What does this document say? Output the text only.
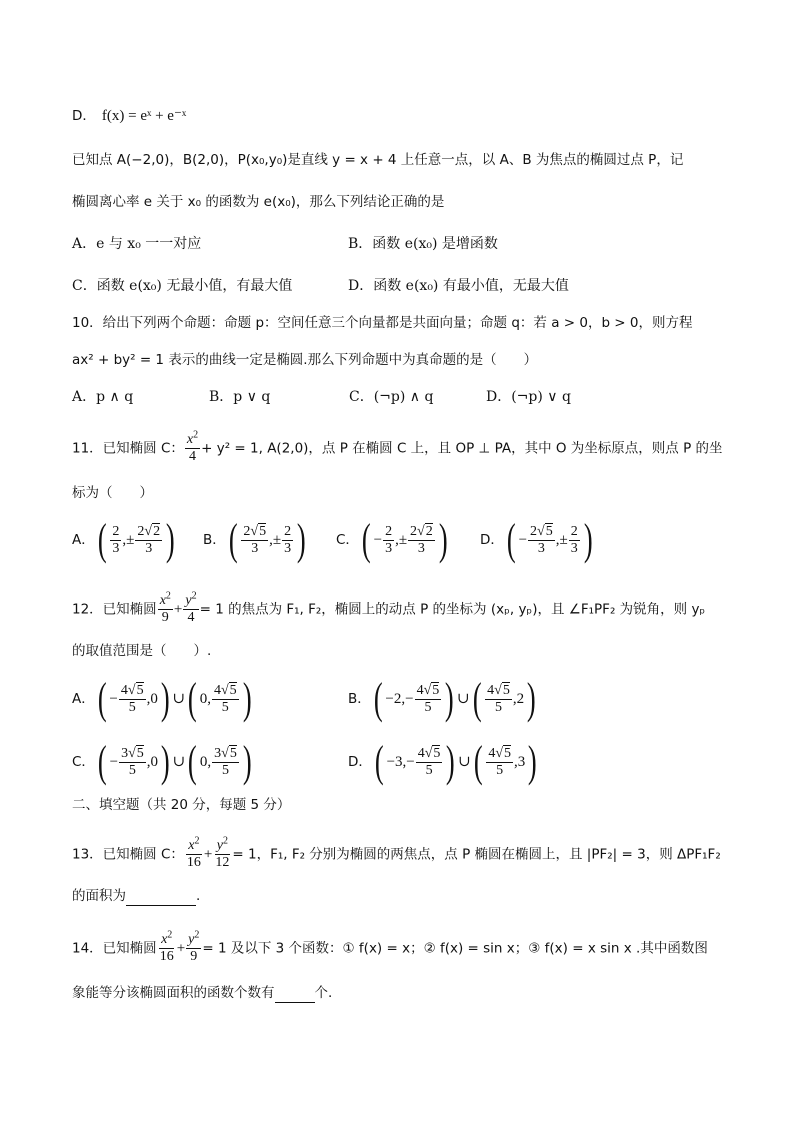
D． f(x) = eˣ + e⁻ˣ
已知点 A(−2,0)，B(2,0)，P(x₀,y₀)是直线 y = x + 4 上任意一点，以 A、B 为焦点的椭圆过点 P，记
椭圆离心率 e 关于 x₀ 的函数为 e(x₀)，那么下列结论正确的是
A．e 与 x₀ 一一对应	B．函数 e(x₀) 是增函数
C．函数 e(x₀) 无最小值，有最大值	D．函数 e(x₀) 有最小值，无最大值
10．给出下列两个命题：命题 p：空间任意三个向量都是共面向量；命题 q：若 a > 0，b > 0，则方程
ax² + by² = 1 表示的曲线一定是椭圆.那么下列命题中为真命题的是（　　）
A．p ∧ q	B．p ∨ q	C．(¬p) ∧ q	D．(¬p) ∨ q
11．已知椭圆 C： $\frac{x^2}{4} + y^2 = 1$, A(2,0)，点 P 在椭圆 C 上，且 OP ⊥ PA，其中 O 为坐标原点，则点 P 的坐
标为（　　）
A．( $\frac{2}{3}$ ,± $\frac{2√2}{3}$ ) B．( $\frac{2√5}{3}$ ,± $\frac{2}{3}$ ) C．( − $\frac{2}{3}$ ,± $\frac{2√2}{3}$ ) D．( − $\frac{2√5}{3}$ ,± $\frac{2}{3}$ )
12．已知椭圆 $\frac{x^2}{9} + \frac{y^2}{4} = 1$ 的焦点为 F₁, F₂，椭圆上的动点 P 的坐标为 (xₚ, yₚ)，且 ∠F₁PF₂ 为锐角，则 yₚ
的取值范围是（　　）.
A．( − $\frac{4√5}{5} ,0$) ∪( 0, $\frac{4√5}{5}$ )	B．( $-2,- \frac{4√5}{5}$ ) ∪( $\frac{4√5}{5} ,2$)
C．( − $\frac{3√5}{5} ,0$) ∪( 0, $\frac{3√5}{5}$ )	D．( $-3,- \frac{4√5}{5}$ ) ∪( $\frac{4√5}{5} ,3$)
二、填空题（共 20 分，每题 5 分）
13．已知椭圆 C： $\frac{x^2}{16} + \frac{y^2}{12} = 1$，F₁, F₂ 分别为椭圆的两焦点，点 P 椭圆在椭圆上，且 |PF₂| = 3，则 ΔPF₁F₂
的面积为	.
14．已知椭圆 $\frac{x^2}{16} + \frac{y^2}{9} = 1$ 及以下 3 个函数：① f(x) = x；② f(x) = sin x；③ f(x) = x sin x .其中函数图
象能等分该椭圆面积的函数个数有	个.
